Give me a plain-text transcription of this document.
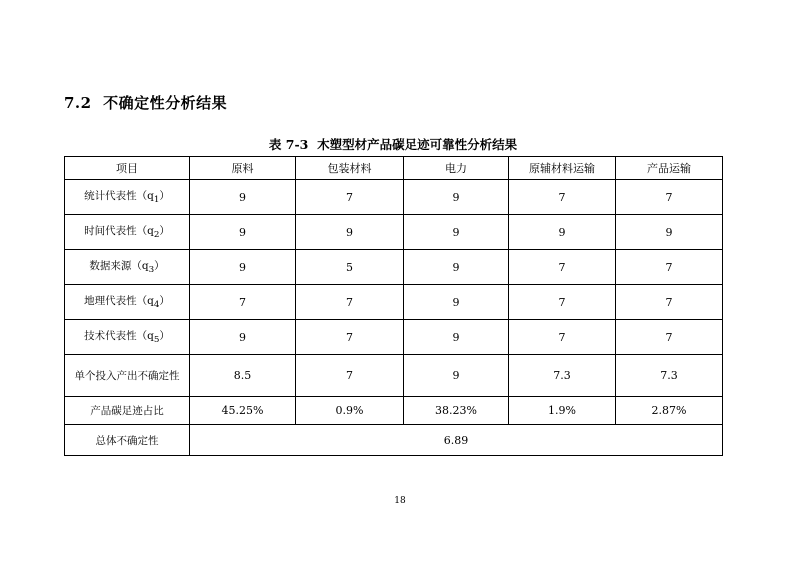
7.2 不确定性分析结果
表 7-3 木塑型材产品碳足迹可靠性分析结果
项目	原料	包装材料	电力	原辅材料运输	产品运输
统计代表性$(q_1)$	9	7	9	7	7
时间代表性$(q_2)$	9	9	9	9	9
数据来源$(q_3)$	9	5	9	7	7
地理代表性$(q_4)$	7	7	9	7	7
技术代表性$(q_5)$	9	7	9	7	7
单个投入产出不确定性	8.5	7	9	7.3	7.3
产品碳足迹占比	45.25%	0.9%	38.23%	1.9%	2.87%
总体不确定性	6.89				
18
